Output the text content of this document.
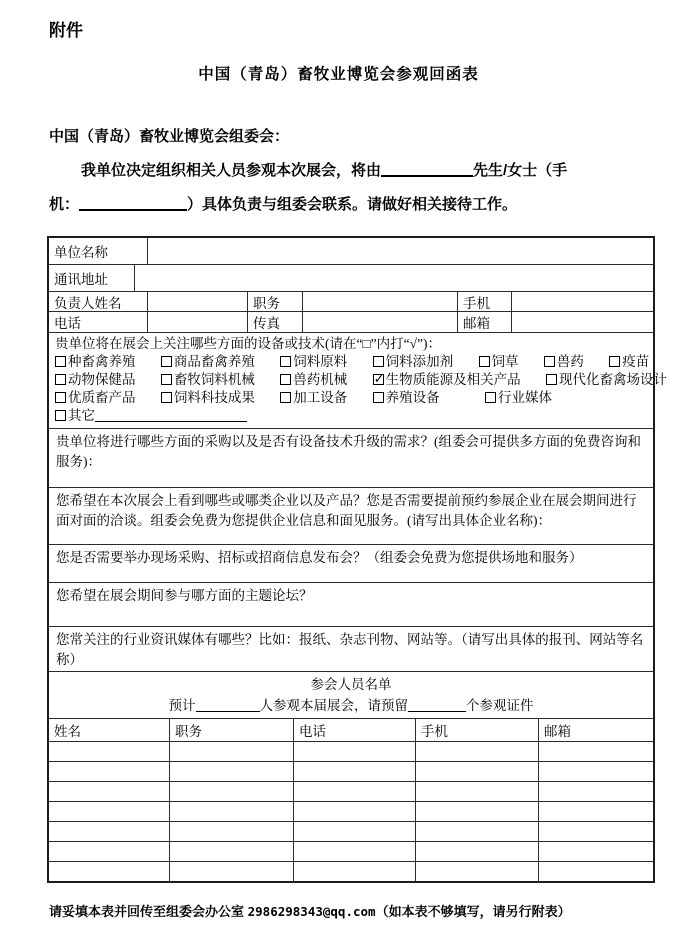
附件
中国（青岛）畜牧业博览会参观回函表
中国（青岛）畜牧业博览会组委会：
我单位决定组织相关人员参观本次展会，将由	先生/女士（手
机：	）具体负责与组委会联系。请做好相关接待工作。
单位名称
通讯地址
负责人姓名	职务	手机
电话	传真	邮箱
贵单位将在展会上关注哪些方面的设备或技术(请在“□”内打“√”)：
种畜禽养殖	商品畜禽养殖	饲料原料	饲料添加剂	饲草	兽药	疫苗
动物保健品	畜牧饲料机械	兽药机械 ✓	生物质能源及相关产品	现代化畜禽场设计
优质畜产品	饲料科技成果	加工设备	养殖设备	行业媒体
其它
贵单位将进行哪些方面的采购以及是否有设备技术升级的需求？(组委会可提供多方面的免费咨询和服务)：
您希望在本次展会上看到哪些或哪类企业以及产品？您是否需要提前预约参展企业在展会期间进行面对面的洽谈。组委会免费为您提供企业信息和面见服务。(请写出具体企业名称)：
您是否需要举办现场采购、招标或招商信息发布会？（组委会免费为您提供场地和服务）
您希望在展会期间参与哪方面的主题论坛？
您常关注的行业资讯媒体有哪些？比如：报纸、杂志刊物、网站等。（请写出具体的报刊、网站等名称）
参会人员名单
预计	人参观本届展会，请预留	个参观证件
姓名	职务	电话	手机	邮箱
请妥填本表并回传至组委会办公室 2986298343@qq.com（如本表不够填写，请另行附表）
